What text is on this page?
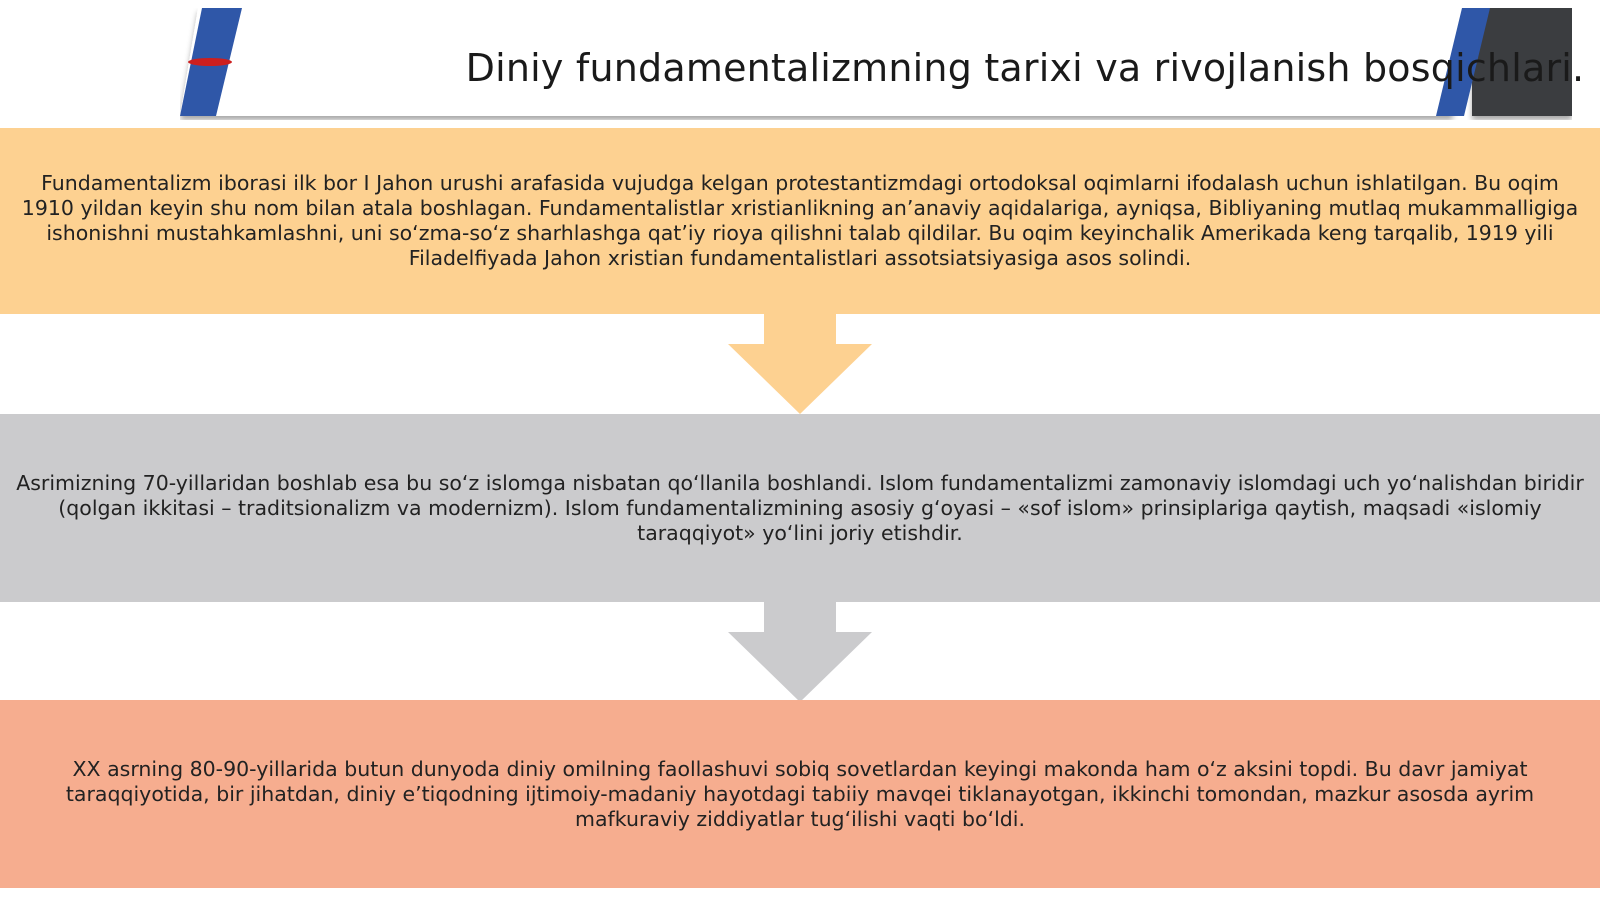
Diniy fundamentalizmning tarixi va rivojlanish bosqichlari.

Fundamentalizm iborasi ilk bor I Jahon urushi arafasida vujudga kelgan protestantizmdagi ortodoksal oqimlarni ifodalash uchun ishlatilgan. Bu oqim 1910 yildan keyin shu nom bilan atala boshlagan. Fundamentalistlar xristianlikning an’anaviy aqidalariga, ayniqsa, Bibliyaning mutlaq mukammalligiga ishonishni mustahkamlashni, uni so‘zma-so‘z sharhlashga qat’iy rioya qilishni talab qildilar. Bu oqim keyinchalik Amerikada keng tarqalib, 1919 yili Filadelfiyada Jahon xristian fundamentalistlari assotsiatsiyasiga asos solindi.

Asrimizning 70-yillaridan boshlab esa bu so‘z islomga nisbatan qo‘llanila boshlandi. Islom fundamentalizmi zamonaviy islomdagi uch yo‘nalishdan biridir (qolgan ikkitasi – traditsionalizm va modernizm). Islom fundamentalizmining asosiy g‘oyasi – «sof islom» prinsiplariga qaytish, maqsadi «islomiy taraqqiyot» yo‘lini joriy etishdir.

XX asrning 80-90-yillarida butun dunyoda diniy omilning faollashuvi sobiq sovetlardan keyingi makonda ham o‘z aksini topdi. Bu davr jamiyat taraqqiyotida, bir jihatdan, diniy e’tiqodning ijtimoiy-madaniy hayotdagi tabiiy mavqei tiklanayotgan, ikkinchi tomondan, mazkur asosda ayrim mafkuraviy ziddiyatlar tug‘ilishi vaqti bo‘ldi.
